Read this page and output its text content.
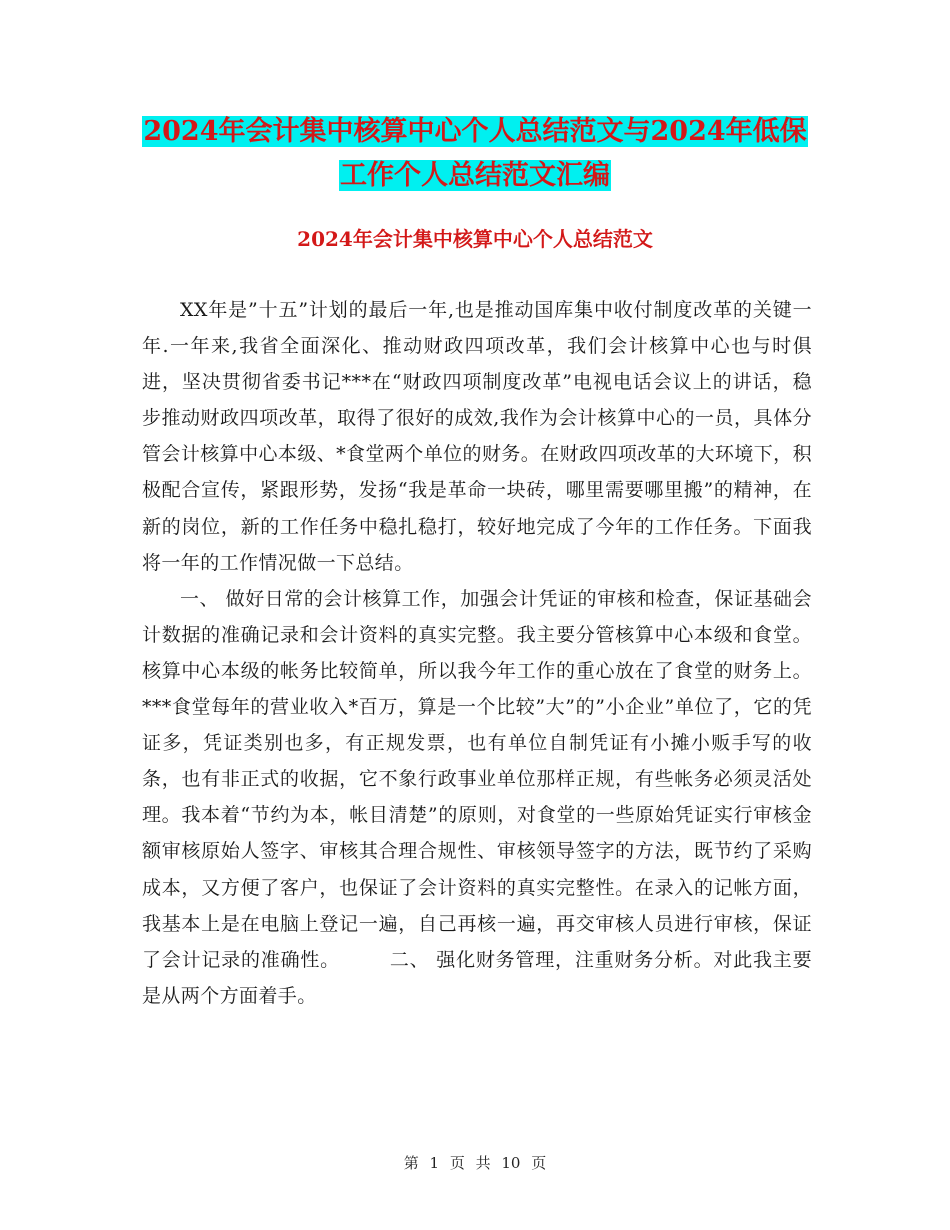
2024年会计集中核算中心个人总结范文与2024年低保
工作个人总结范文汇编
2024年会计集中核算中心个人总结范文

XX年是”十五”计划的最后一年,也是推动国库集中收付制度改革的关键一年.一年来,我省全面深化、推动财政四项改革，我们会计核算中心也与时俱进，坚决贯彻省委书记***在“财政四项制度改革”电视电话会议上的讲话，稳步推动财政四项改革，取得了很好的成效,我作为会计核算中心的一员，具体分管会计核算中心本级、*食堂两个单位的财务。在财政四项改革的大环境下，积极配合宣传，紧跟形势，发扬“我是革命一块砖，哪里需要哪里搬”的精神，在新的岗位，新的工作任务中稳扎稳打，较好地完成了今年的工作任务。下面我将一年的工作情况做一下总结。

一、 做好日常的会计核算工作，加强会计凭证的审核和检查，保证基础会计数据的准确记录和会计资料的真实完整。我主要分管核算中心本级和食堂。核算中心本级的帐务比较简单，所以我今年工作的重心放在了食堂的财务上。***食堂每年的营业收入*百万，算是一个比较”大”的”小企业”单位了，它的凭证多，凭证类别也多，有正规发票，也有单位自制凭证有小摊小贩手写的收条，也有非正式的收据，它不象行政事业单位那样正规，有些帐务必须灵活处理。我本着“节约为本，帐目清楚”的原则，对食堂的一些原始凭证实行审核金额审核原始人签字、审核其合理合规性、审核领导签字的方法，既节约了采购成本，又方便了客户，也保证了会计资料的真实完整性。在录入的记帐方面，我基本上是在电脑上登记一遍，自己再核一遍，再交审核人员进行审核，保证了会计记录的准确性。　　　二、 强化财务管理，注重财务分析。对此我主要是从两个方面着手。

第 1 页 共 10 页
